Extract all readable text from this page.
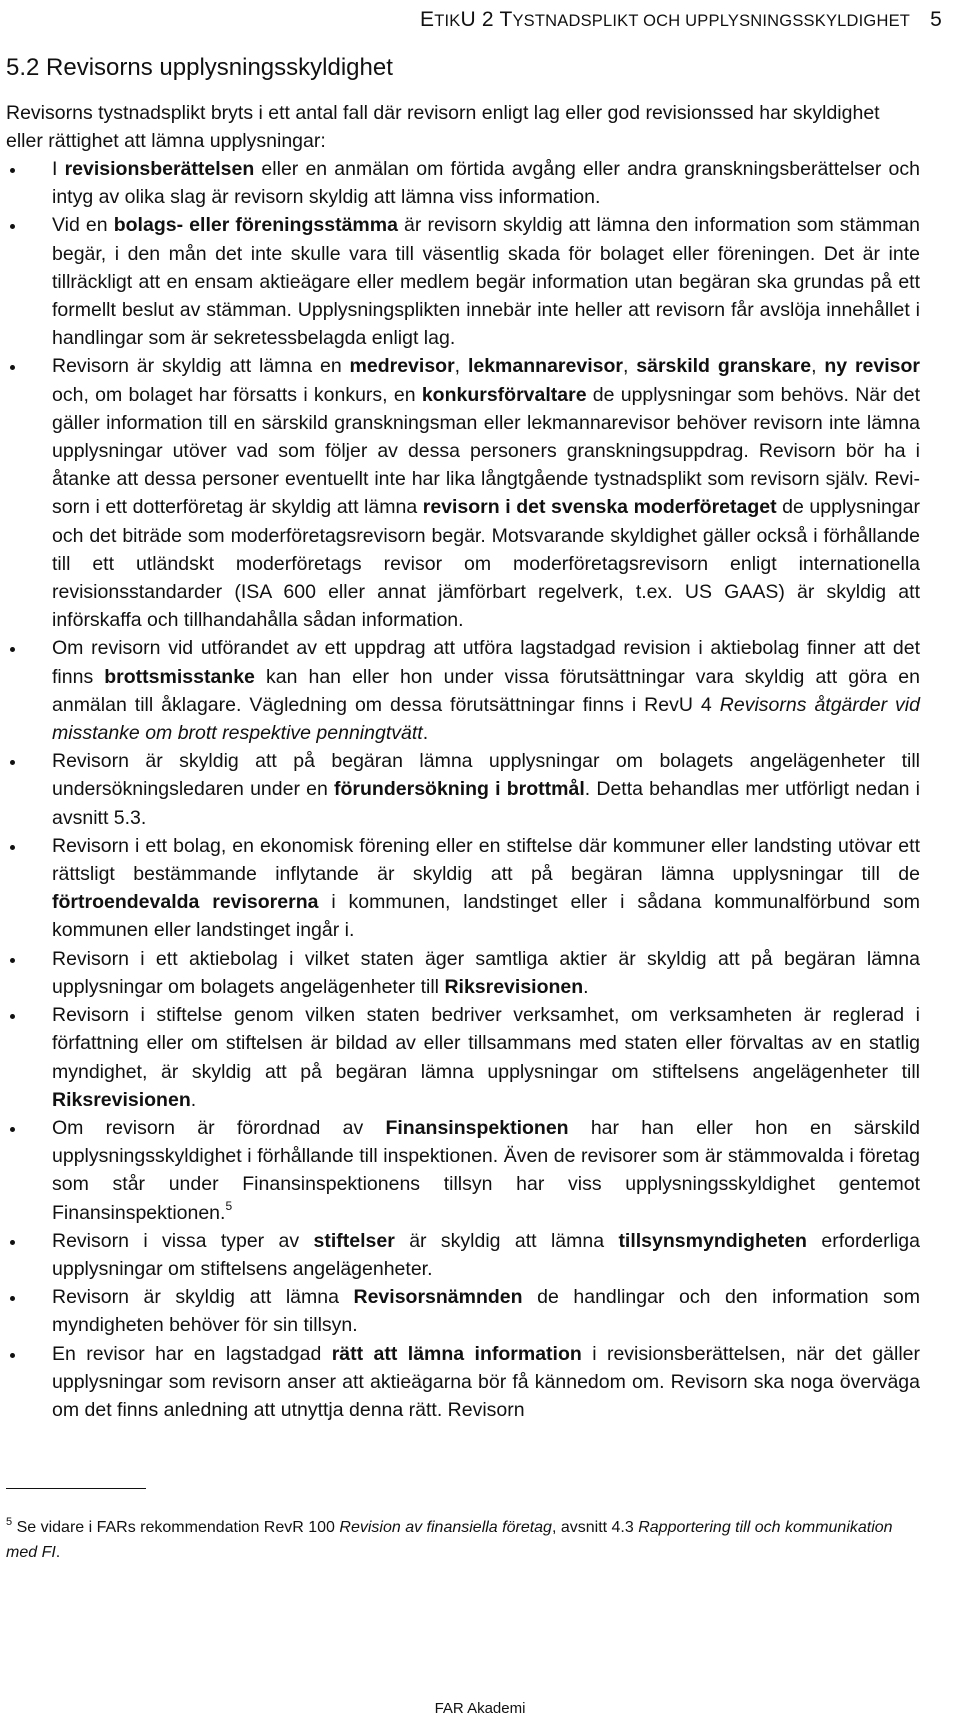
ETIKU 2 TYSTNADSPLIKT OCH UPPLYSNINGSSKYLDIGHET 5
5.2 Revisorns upplysningsskyldighet

Revisorns tystnadsplikt bryts i ett antal fall där revisorn enligt lag eller god revisionssed har skyldighet eller rättighet att lämna upplysningar:

I revisionsberättelsen eller en anmälan om förtida avgång eller andra granskningsberättelser och intyg av olika slag är revisorn skyldig att lämna viss information.
Vid en bolags- eller föreningsstämma är revisorn skyldig att lämna den information som stämman begär, i den mån det inte skulle vara till väsentlig skada för bolaget eller föreningen. Det är inte tillräckligt att en ensam aktieägare eller medlem begär information utan begäran ska grundas på ett formellt beslut av stämman. Upplysningsplikten innebär inte heller att revisorn får avslöja innehållet i handlingar som är sekretessbelagda enligt lag.
Revisorn är skyldig att lämna en medrevisor, lekmannarevisor, särskild granskare, ny revisor och, om bolaget har försatts i konkurs, en konkursförvaltare de upplysningar som behövs. När det gäller information till en särskild granskningsman eller lekmannarevisor behöver revisorn inte lämna upplysningar utöver vad som följer av dessa personers granskningsuppdrag. Revisorn bör ha i åtanke att dessa personer eventuellt inte har lika långtgående tystnadsplikt som revisorn själv. Revisorn i ett dotterföretag är skyldig att lämna revisorn i det svenska moderföretaget de upplysningar och det biträde som moderföretagsrevisorn begär. Motsvarande skyldighet gäller också i förhållande till ett utländskt moderföretags revisor om moderföretagsrevisorn enligt internationella revisionsstandarder (ISA 600 eller annat jämförbart regelverk, t.ex. US GAAS) är skyldig att införskaffa och tillhandahålla sådan information.
Om revisorn vid utförandet av ett uppdrag att utföra lagstadgad revision i aktiebolag finner att det finns brottsmisstanke kan han eller hon under vissa förutsättningar vara skyldig att göra en anmälan till åklagare. Vägledning om dessa förutsättningar finns i RevU 4 Revisorns åtgärder vid misstanke om brott respektive penningtvätt.
Revisorn är skyldig att på begäran lämna upplysningar om bolagets angelägenheter till undersökningsledaren under en förundersökning i brottmål. Detta behandlas mer utförligt nedan i avsnitt 5.3.
Revisorn i ett bolag, en ekonomisk förening eller en stiftelse där kommuner eller landsting utövar ett rättsligt bestämmande inflytande är skyldig att på begäran lämna upplysningar till de förtroendevalda revisorerna i kommunen, landstinget eller i sådana kommunalförbund som kommunen eller landstinget ingår i.
Revisorn i ett aktiebolag i vilket staten äger samtliga aktier är skyldig att på begäran lämna upplysningar om bolagets angelägenheter till Riksrevisionen.
Revisorn i stiftelse genom vilken staten bedriver verksamhet, om verksamheten är reglerad i författning eller om stiftelsen är bildad av eller tillsammans med staten eller förvaltas av en statlig myndighet, är skyldig att på begäran lämna upplysningar om stiftelsens angelägenheter till Riksrevisionen.
Om revisorn är förordnad av Finansinspektionen har han eller hon en särskild upplysningsskyldighet i förhållande till inspektionen. Även de revisorer som är stämmovalda i företag som står under Finansinspektionens tillsyn har viss upplysningsskyldighet gentemot Finansinspektionen.$^5$
Revisorn i vissa typer av stiftelser är skyldig att lämna tillsynsmyndigheten erforderliga upplysningar om stiftelsens angelägenheter.
Revisorn är skyldig att lämna Revisorsnämnden de handlingar och den information som myndigheten behöver för sin tillsyn.
En revisor har en lagstadgad rätt att lämna information i revisionsberättelsen, när det gäller upplysningar som revisorn anser att aktieägarna bör få kännedom om. Revisorn ska noga överväga om det finns anledning att utnyttja denna rätt. Revisorn

$^5$ Se vidare i FARs rekommendation RevR 100 Revision av finansiella företag, avsnitt 4.3 Rapportering till och kommunikation med FI.

FAR Akademi
